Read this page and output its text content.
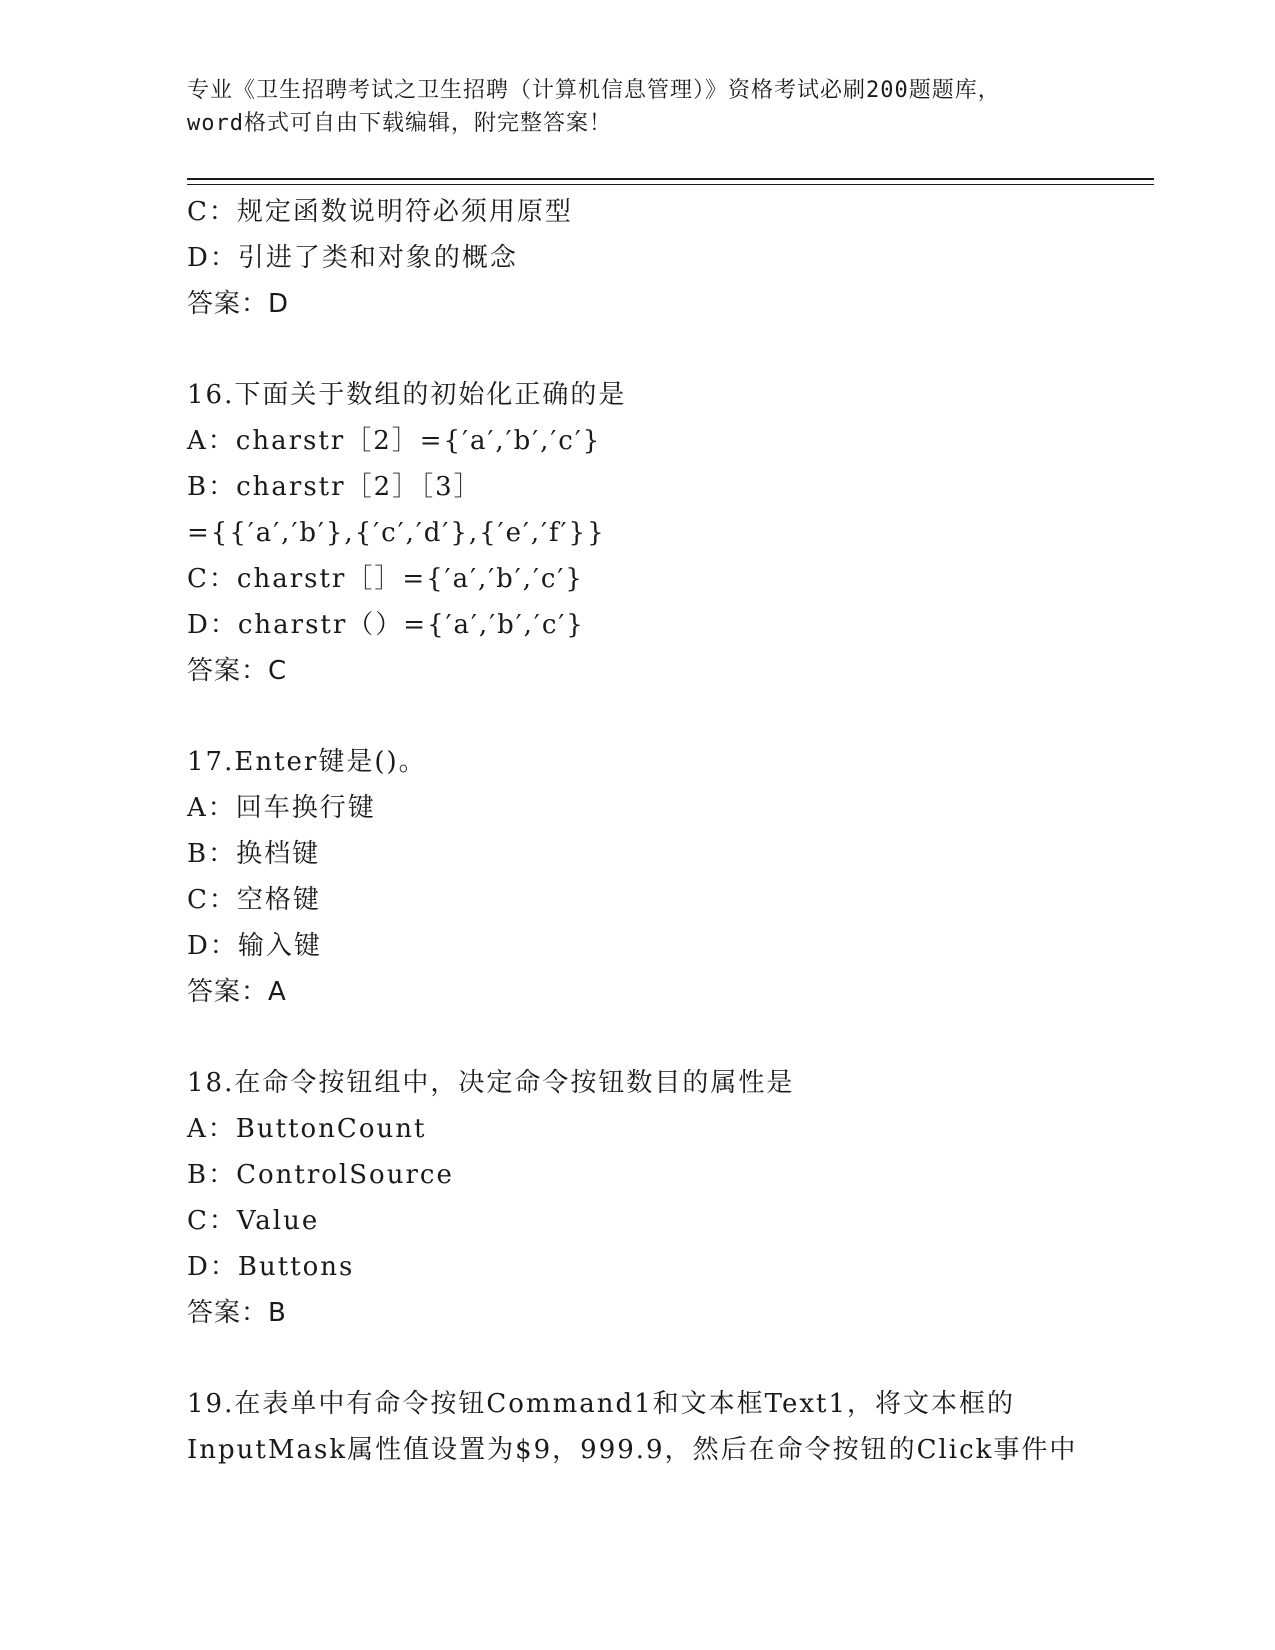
专业《卫生招聘考试之卫生招聘（计算机信息管理）》资格考试必刷200题题库，
word格式可自由下载编辑，附完整答案！
C：规定函数说明符必须用原型
D：引进了类和对象的概念
答案：D
16.下面关于数组的初始化正确的是
A：charstr［2］={′a′,′b′,′c′}
B：charstr［2］［3］
={{′a′,′b′},{′c′,′d′},{′e′,′f′}}
C：charstr［］={′a′,′b′,′c′}
D：charstr（）={′a′,′b′,′c′}
答案：C
17.Enter键是()。
A：回车换行键
B：换档键
C：空格键
D：输入键
答案：A
18.在命令按钮组中，决定命令按钮数目的属性是
A：ButtonCount
B：ControlSource
C：Value
D：Buttons
答案：B
19.在表单中有命令按钮Command1和文本框Text1，将文本框的
InputMask属性值设置为$9，999.9，然后在命令按钮的Click事件中
